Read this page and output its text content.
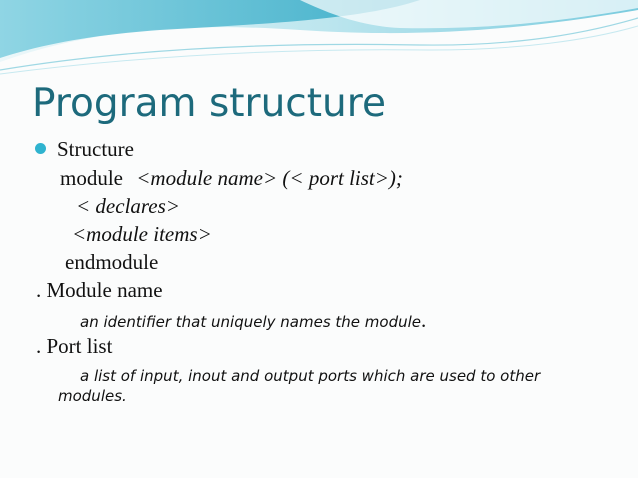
Program structure
Structure
module <module name> (< port list>);
< declares>
<module items>
endmodule
. Module name
an identifier that uniquely names the module.
. Port list
a list of input, inout and output ports which are used to other
modules.
